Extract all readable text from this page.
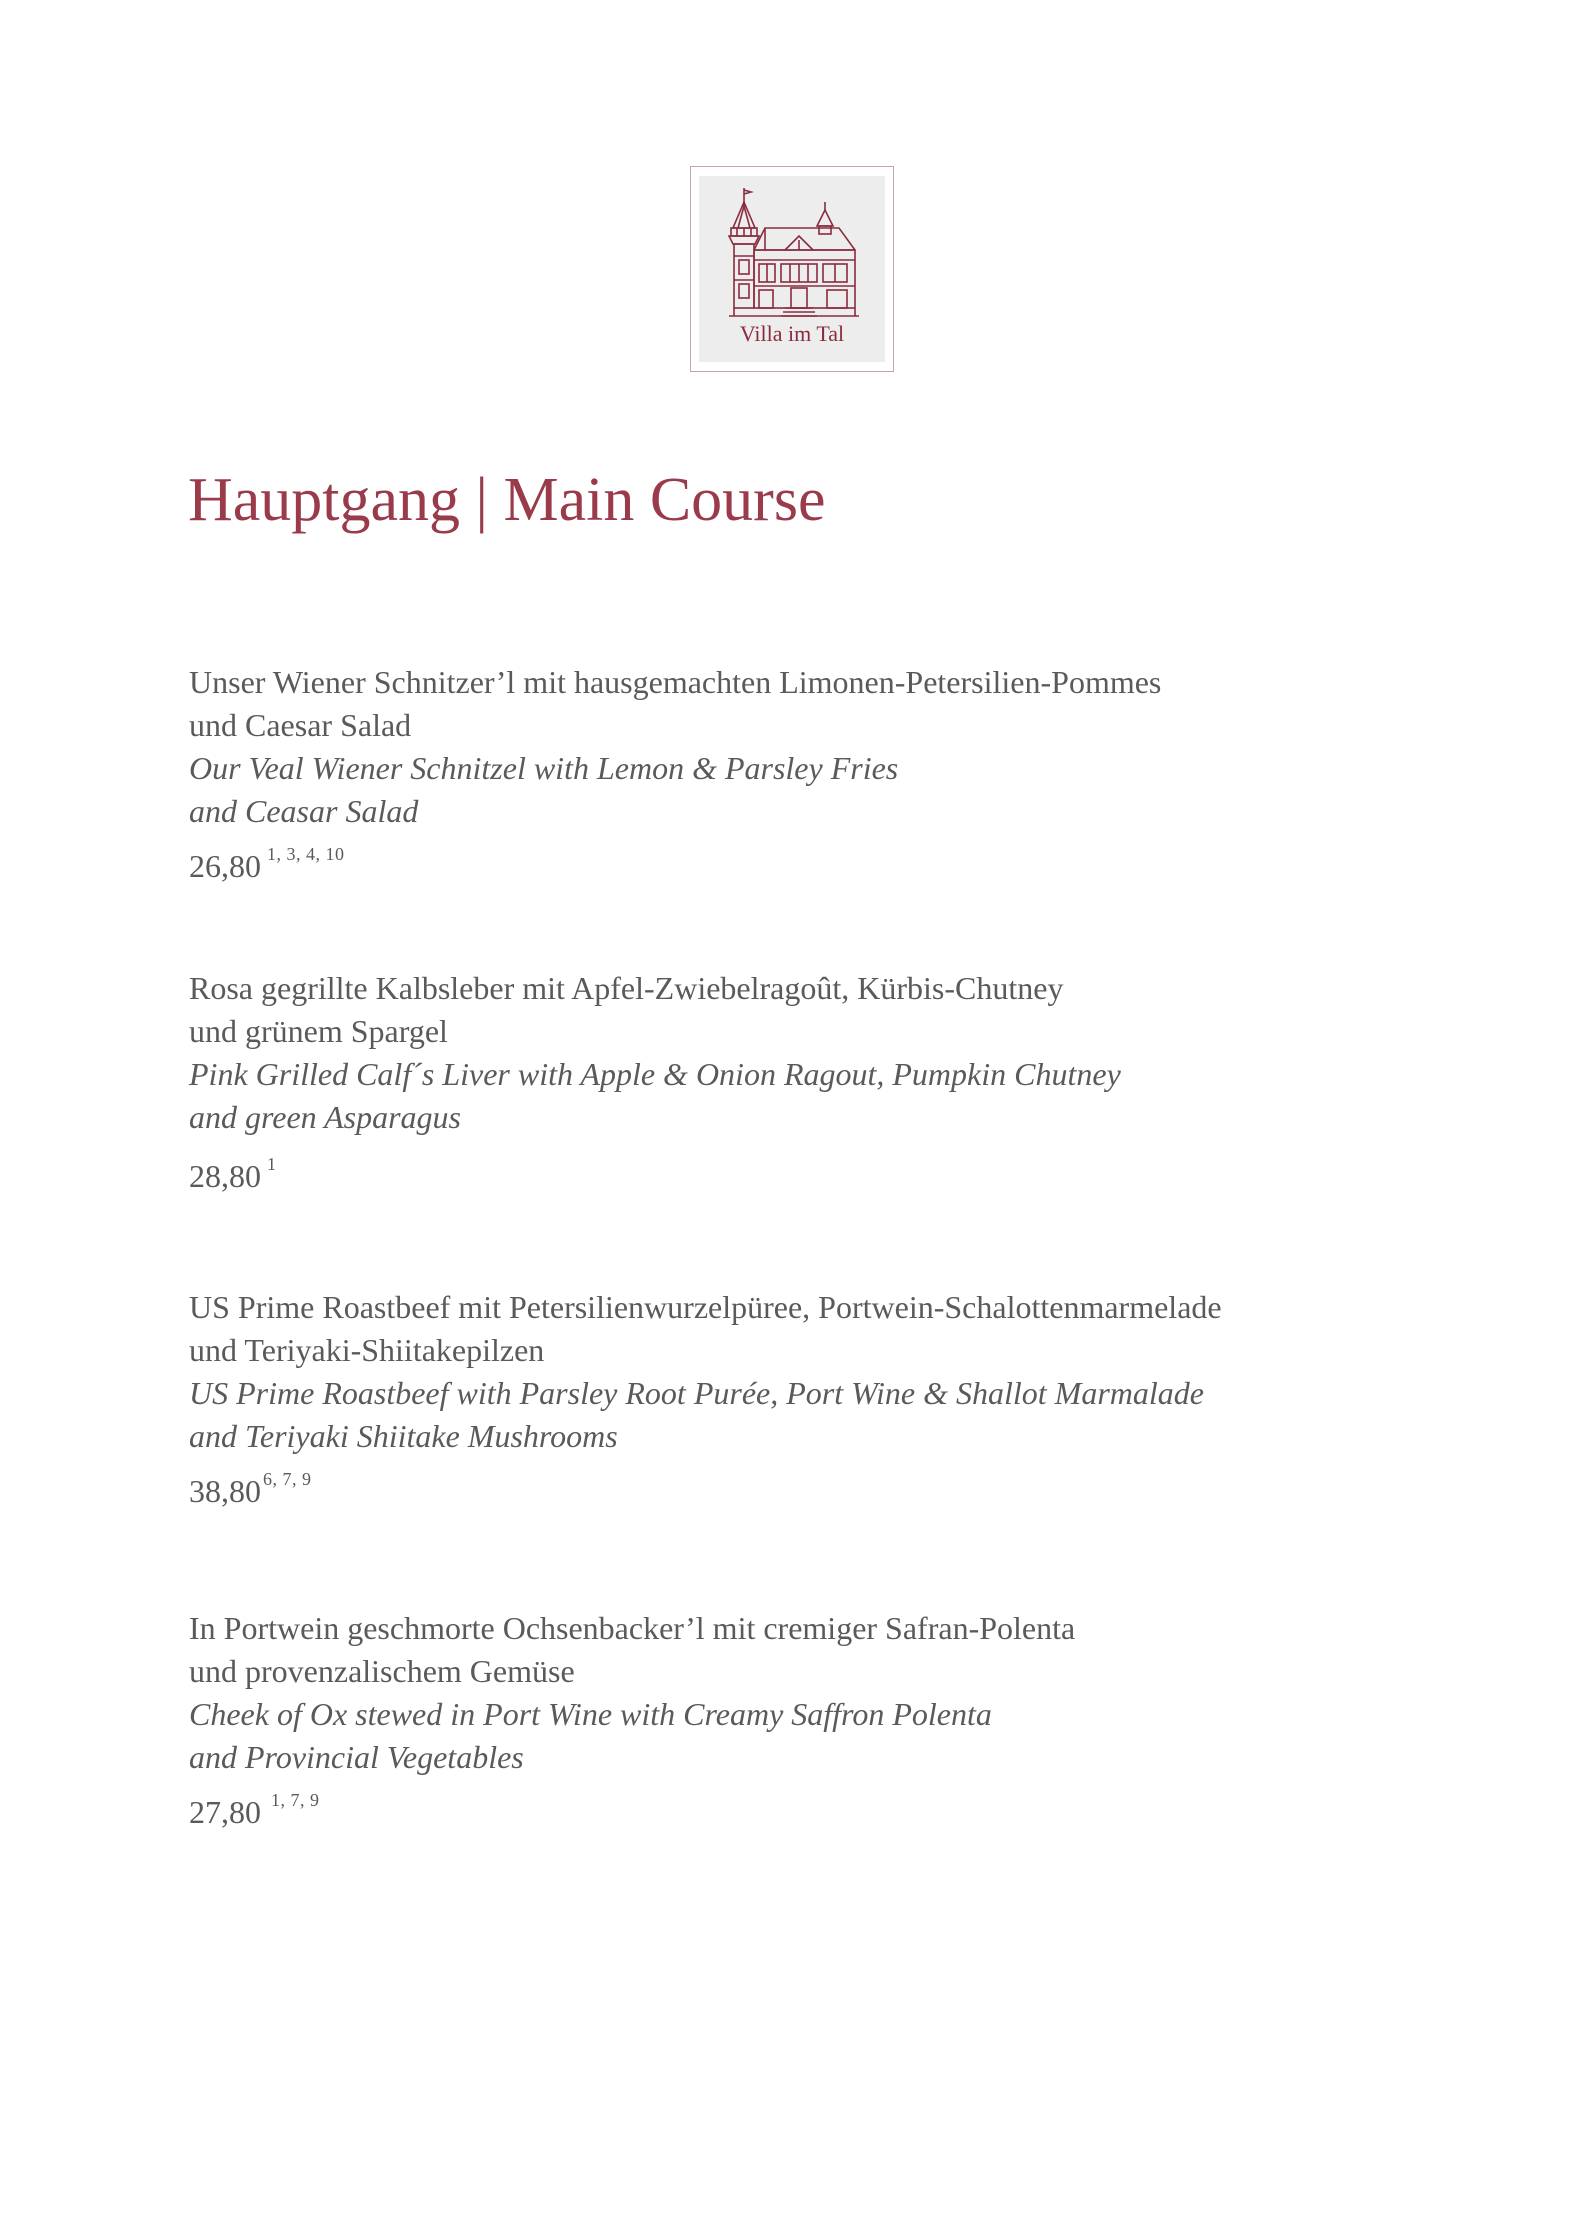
Villa im Tal
Hauptgang | Main Course

Unser Wiener Schnitzer’l mit hausgemachten Limonen-Petersilien-Pommes

und Caesar Salad

Our Veal Wiener Schnitzel with Lemon & Parsley Fries

and Ceasar Salad

26,80 $^{1, 3, 4, 10}$

Rosa gegrillte Kalbsleber mit Apfel-Zwiebelragoût, Kürbis-Chutney

und grünem Spargel

Pink Grilled Calf´s Liver with Apple & Onion Ragout, Pumpkin Chutney

and green Asparagus

28,80 $^1$

US Prime Roastbeef mit Petersilienwurzelpüree, Portwein-Schalottenmarmelade

und Teriyaki-Shiitakepilzen

US Prime Roastbeef with Parsley Root Purée, Port Wine & Shallot Marmalade

and Teriyaki Shiitake Mushrooms

38,80 $^{6, 7, 9}$

In Portwein geschmorte Ochsenbacker’l mit cremiger Safran-Polenta

und provenzalischem Gemüse

Cheek of Ox stewed in Port Wine with Creamy Saffron Polenta

and Provincial Vegetables

27,80 $^{1, 7, 9}$
